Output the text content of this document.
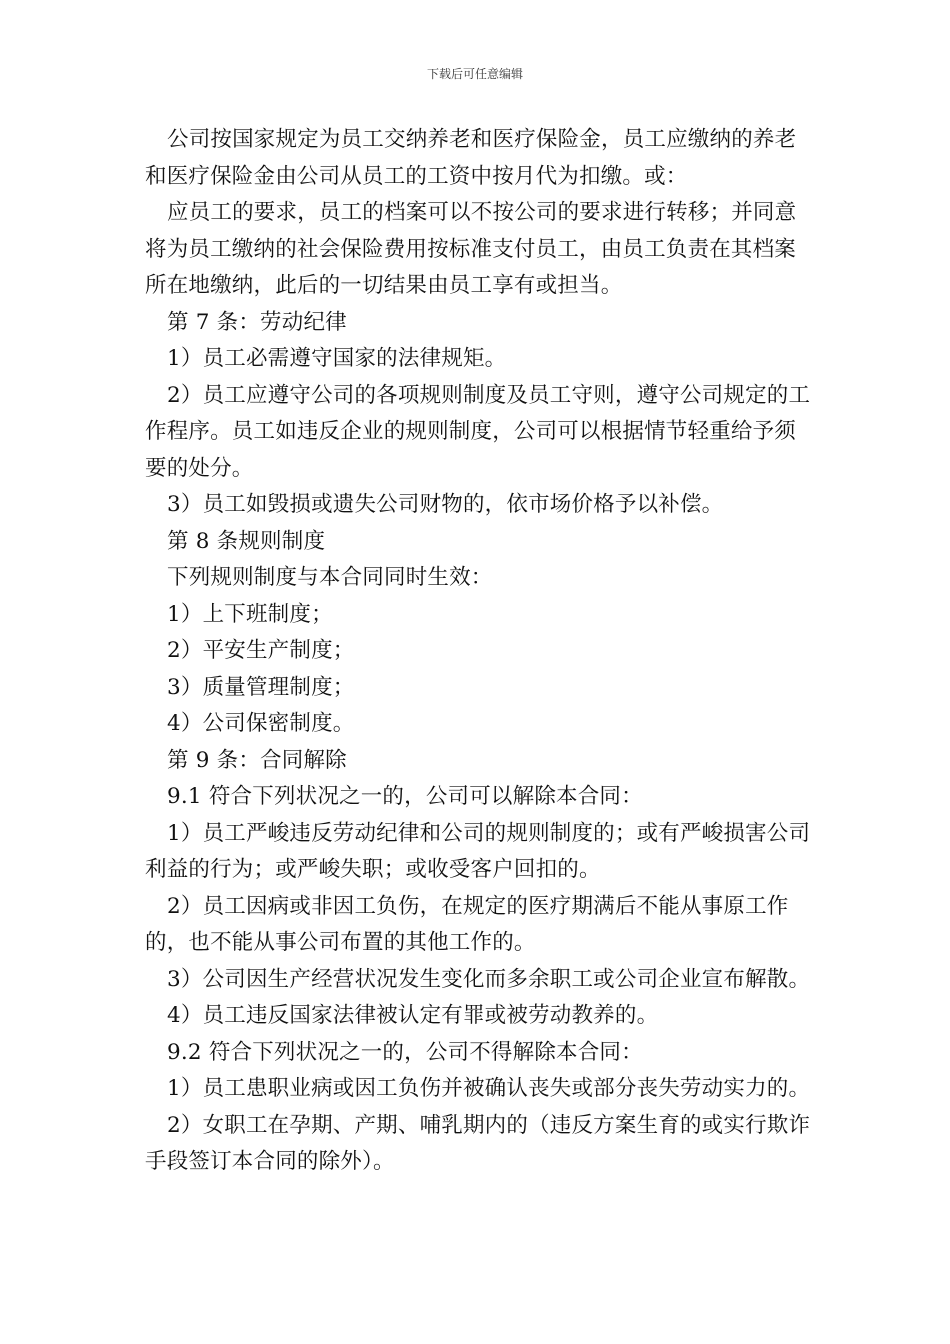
下载后可任意编辑

公司按国家规定为员工交纳养老和医疗保险金，员工应缴纳的养老和医疗保险金由公司从员工的工资中按月代为扣缴。或：

应员工的要求，员工的档案可以不按公司的要求进行转移；并同意将为员工缴纳的社会保险费用按标准支付员工，由员工负责在其档案所在地缴纳，此后的一切结果由员工享有或担当。

第 7 条：劳动纪律

1）员工必需遵守国家的法律规矩。

2）员工应遵守公司的各项规则制度及员工守则，遵守公司规定的工作程序。员工如违反企业的规则制度，公司可以根据情节轻重给予须要的处分。

3）员工如毁损或遗失公司财物的，依市场价格予以补偿。

第 8 条规则制度

下列规则制度与本合同同时生效：

1）上下班制度；

2）平安生产制度；

3）质量管理制度；

4）公司保密制度。

第 9 条：合同解除

9.1 符合下列状况之一的，公司可以解除本合同：

1）员工严峻违反劳动纪律和公司的规则制度的；或有严峻损害公司利益的行为；或严峻失职；或收受客户回扣的。

2）员工因病或非因工负伤，在规定的医疗期满后不能从事原工作的，也不能从事公司布置的其他工作的。

3）公司因生产经营状况发生变化而多余职工或公司企业宣布解散。

4）员工违反国家法律被认定有罪或被劳动教养的。

9.2 符合下列状况之一的，公司不得解除本合同：

1）员工患职业病或因工负伤并被确认丧失或部分丧失劳动实力的。

2）女职工在孕期、产期、哺乳期内的（违反方案生育的或实行欺诈手段签订本合同的除外）。
